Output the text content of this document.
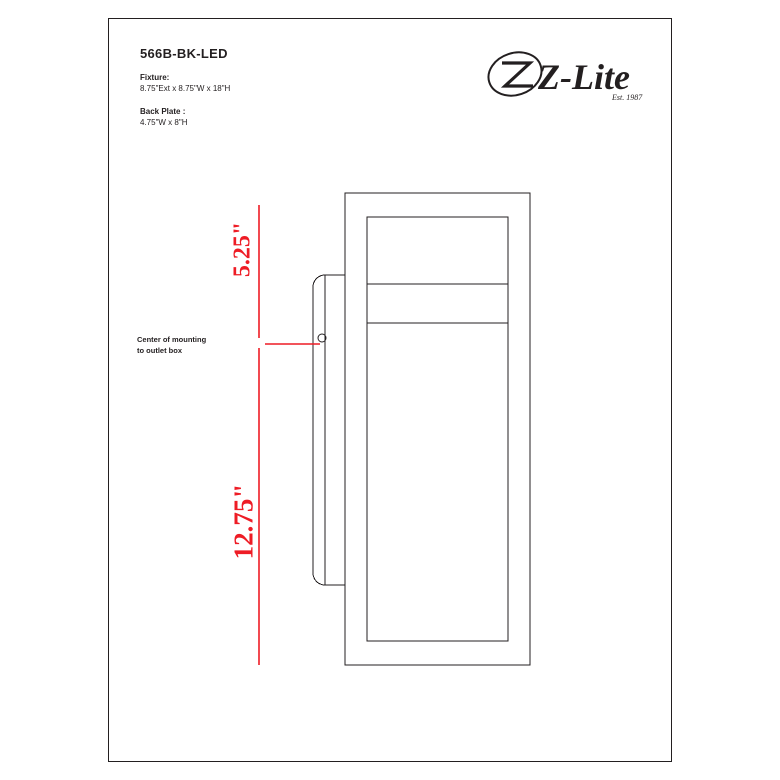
566B-BK-LED
Fixture:
8.75"Ext x 8.75"W x 18"H
Back Plate :
4.75"W x 8"H
Z-Lite
Est. 1987
5.25"
12.75"
Center of mounting
to outlet box
